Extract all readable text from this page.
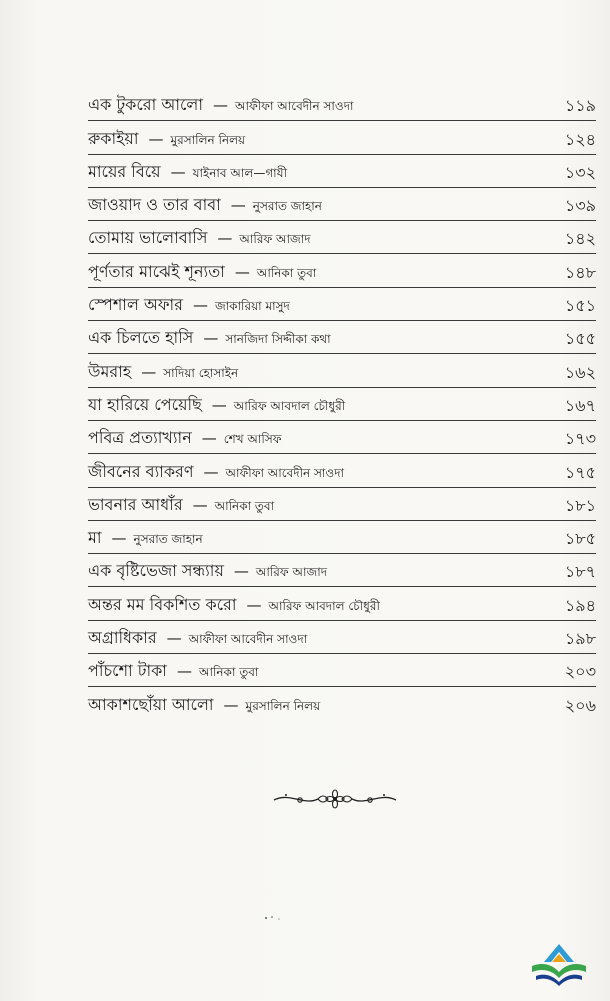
এক টুকরো আলো — আফীফা আবেদীন সাওদা	১১৯
রুকাইয়া — মুরসালিন নিলয়	১২৪
মায়ের বিয়ে — যাইনাব আল—গাযী	১৩২
জাওয়াদ ও তার বাবা — নুসরাত জাহান	১৩৯
তোমায় ভালোবাসি — আরিফ আজাদ	১৪২
পূর্ণতার মাঝেই শূন্যতা — আনিকা তুবা	১৪৮
স্পেশাল অফার — জাকারিয়া মাসুদ	১৫১
এক চিলতে হাসি — সানজিদা সিদ্দীকা কথা	১৫৫
উমরাহ — সাদিয়া হোসাইন	১৬২
যা হারিয়ে পেয়েছি — আরিফ আবদাল চৌধুরী	১৬৭
পবিত্র প্রত্যাখ্যান — শেখ আসিফ	১৭৩
জীবনের ব্যাকরণ — আফীফা আবেদীন সাওদা	১৭৫
ভাবনার আধাঁর — আনিকা তুবা	১৮১
মা — নুসরাত জাহান	১৮৫
এক বৃষ্টিভেজা সন্ধ্যায় — আরিফ আজাদ	১৮৭
অন্তর মম বিকশিত করো — আরিফ আবদাল চৌধুরী	১৯৪
অগ্রাধিকার — আফীফা আবেদীন সাওদা	১৯৮
পাঁচশো টাকা — আনিকা তুবা	২০৩
আকাশছোঁয়া আলো — মুরসালিন নিলয়	২০৬
